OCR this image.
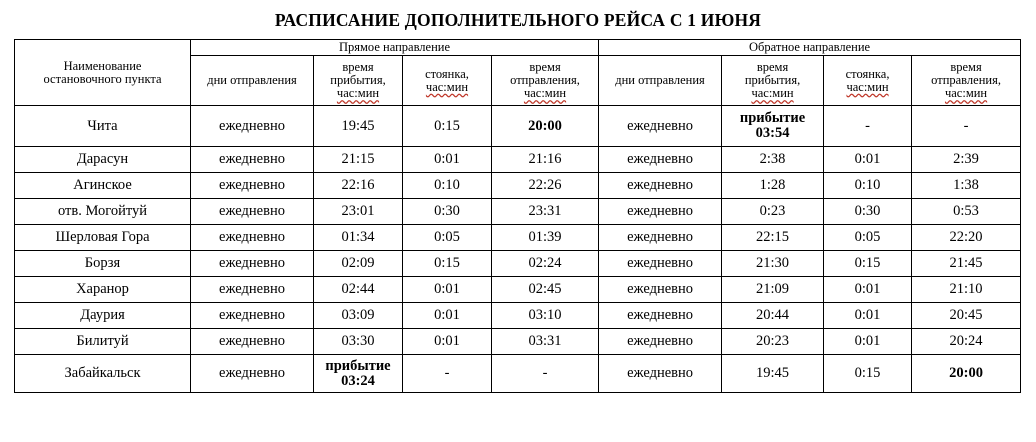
РАСПИСАНИЕ ДОПОЛНИТЕЛЬНОГО РЕЙСА С 1 ИЮНЯ
Наименование
остановочного пункта	Прямое направление				Обратное направление			
	дни отправления	время
прибытия,
час:мин	стоянка,
час:мин	время
отправления,
час:мин	дни отправления	время
прибытия,
час:мин	стоянка,
час:мин	время
отправления,
час:мин

Чита	ежедневно	19:45	0:15	20:00	ежедневно	прибытие
03:54	-	-
Дарасун	ежедневно	21:15	0:01	21:16	ежедневно	2:38	0:01	2:39
Агинское	ежедневно	22:16	0:10	22:26	ежедневно	1:28	0:10	1:38
отв. Могойтуй	ежедневно	23:01	0:30	23:31	ежедневно	0:23	0:30	0:53
Шерловая Гора	ежедневно	01:34	0:05	01:39	ежедневно	22:15	0:05	22:20
Борзя	ежедневно	02:09	0:15	02:24	ежедневно	21:30	0:15	21:45
Харанор	ежедневно	02:44	0:01	02:45	ежедневно	21:09	0:01	21:10
Даурия	ежедневно	03:09	0:01	03:10	ежедневно	20:44	0:01	20:45
Билитуй	ежедневно	03:30	0:01	03:31	ежедневно	20:23	0:01	20:24
Забайкальск	ежедневно	прибытие
03:24	-	-	ежедневно	19:45	0:15	20:00
